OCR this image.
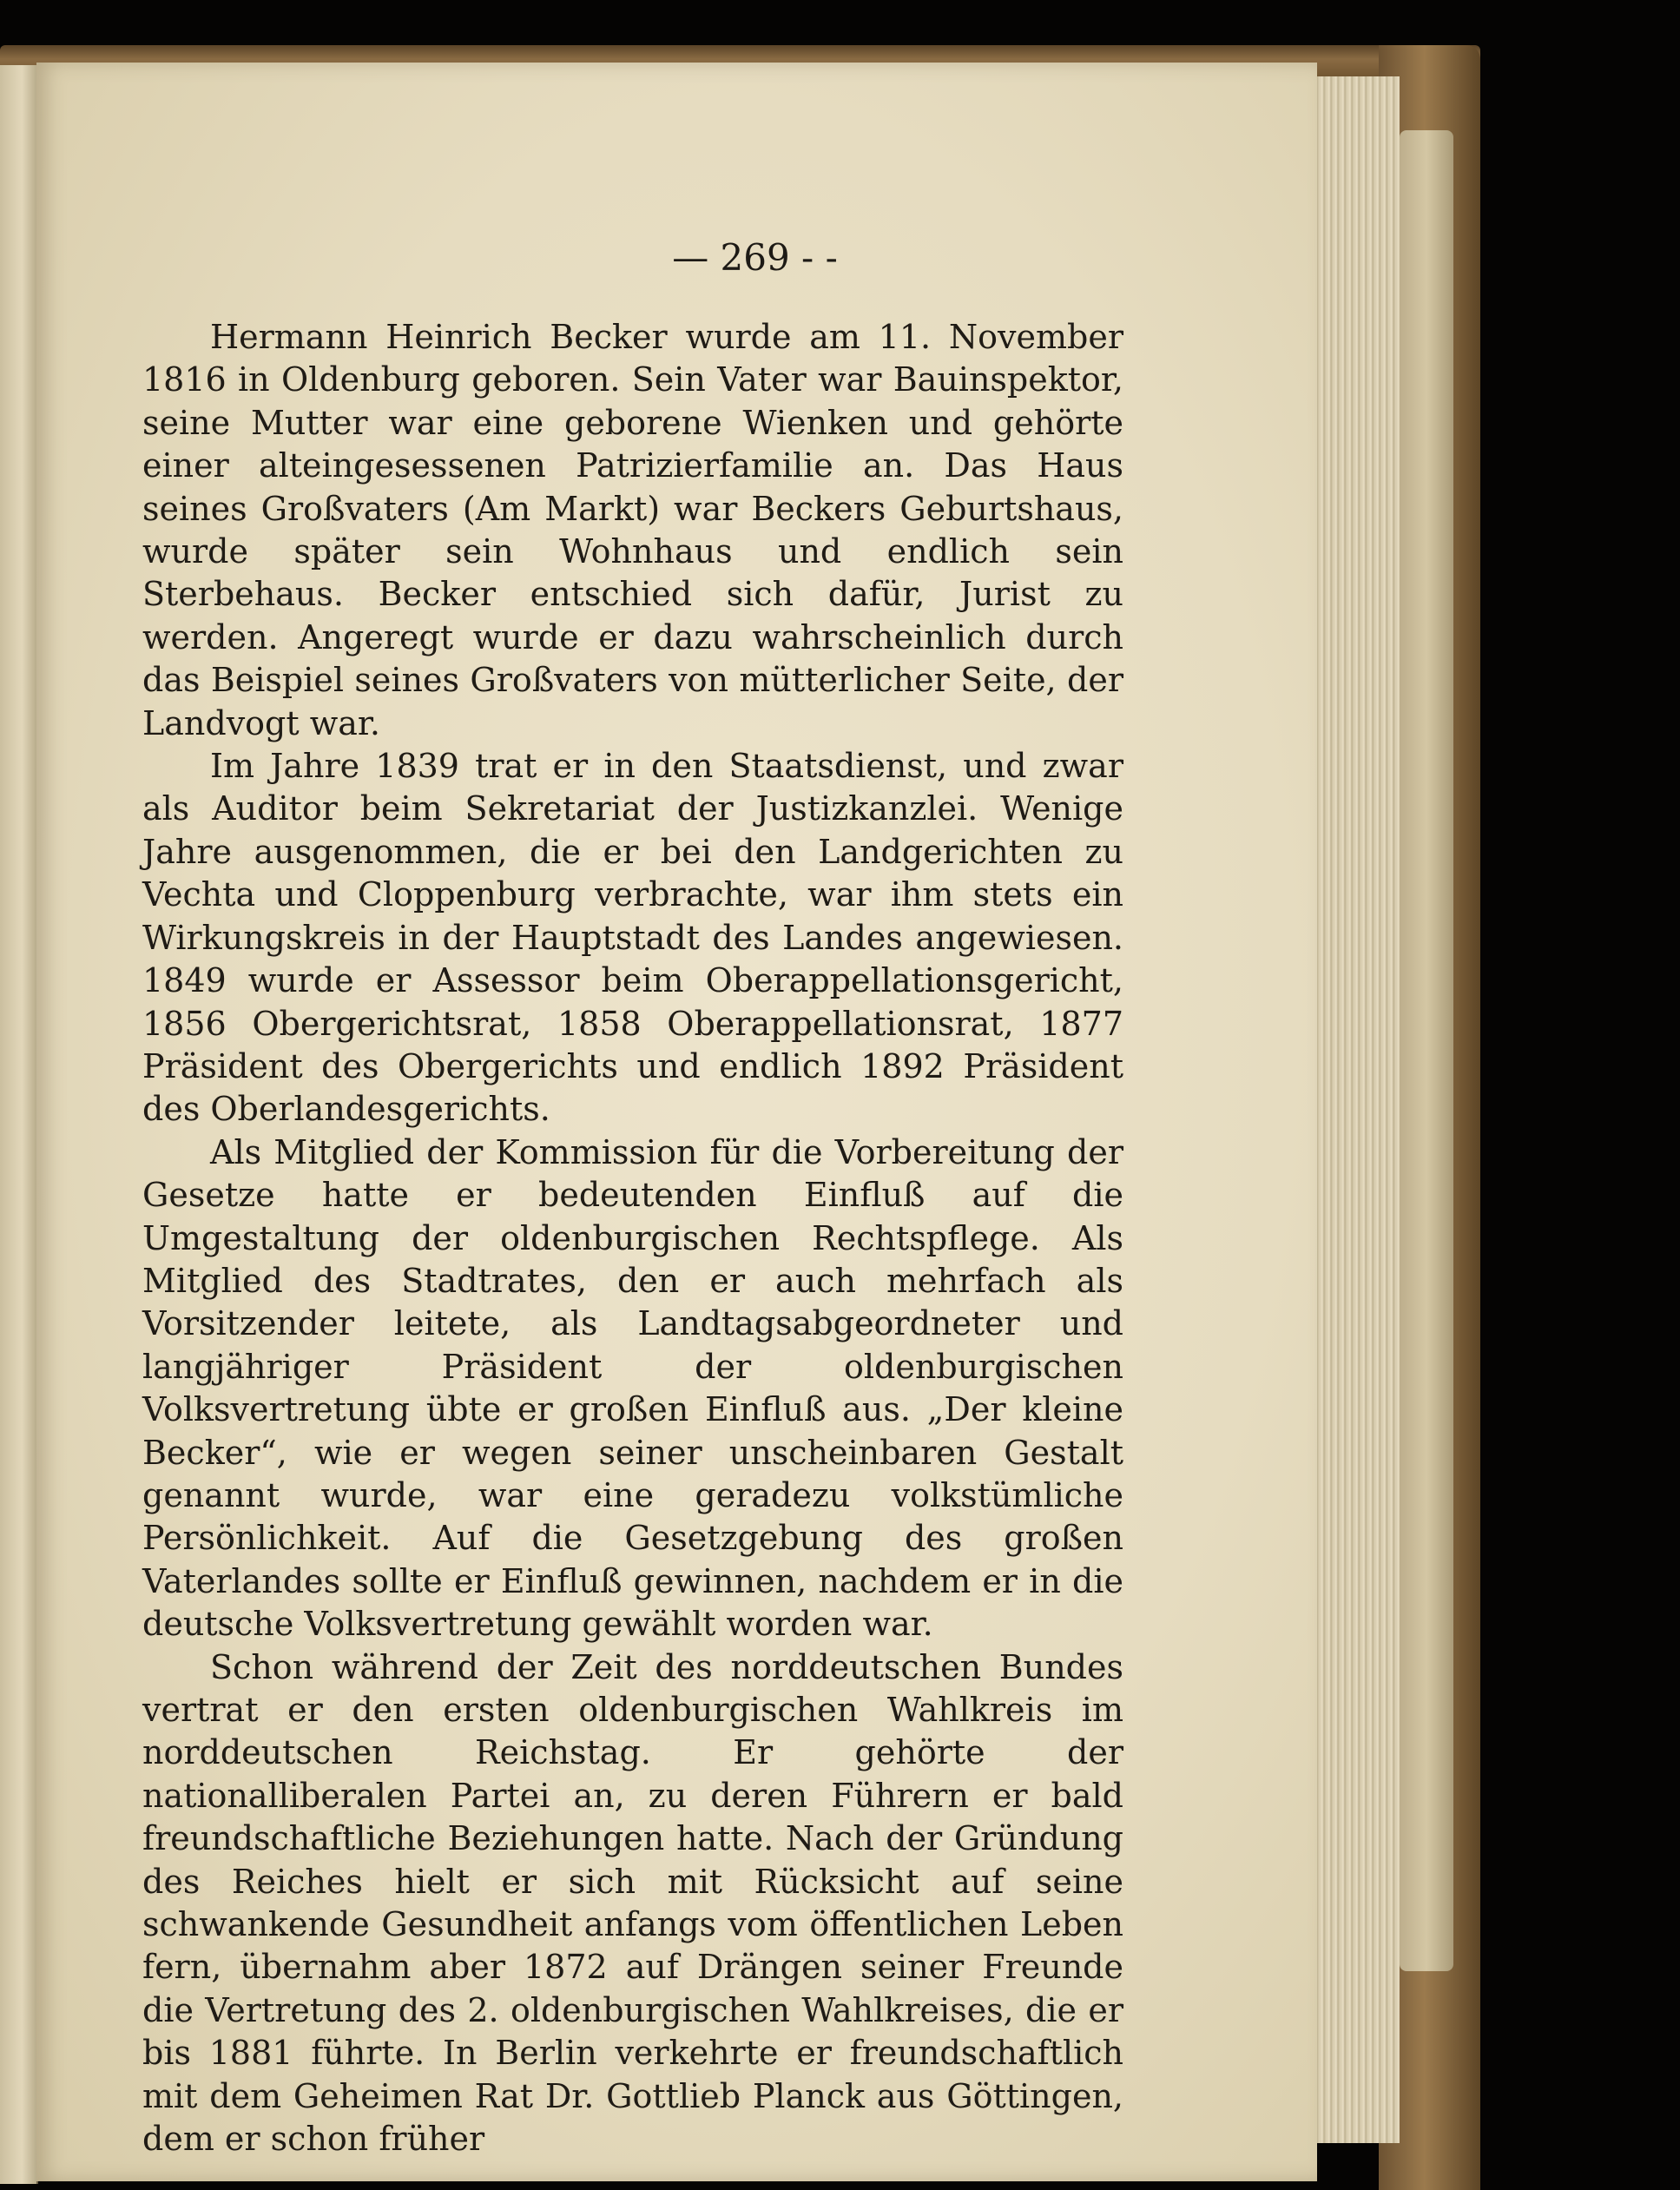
— 269 - -

Hermann Heinrich Becker wurde am 11. November 1816 in Oldenburg geboren. Sein Vater war Bauinspektor, seine Mutter war eine geborene Wienken und gehörte einer alteingesessenen Patrizierfamilie an. Das Haus seines Großvaters (Am Markt) war Beckers Geburtshaus, wurde später sein Wohnhaus und endlich sein Sterbehaus. Becker entschied sich dafür, Jurist zu werden. Angeregt wurde er dazu wahrscheinlich durch das Beispiel seines Großvaters von mütterlicher Seite, der Landvogt war.

Im Jahre 1839 trat er in den Staatsdienst, und zwar als Auditor beim Sekretariat der Justizkanzlei. Wenige Jahre ausgenommen, die er bei den Landgerichten zu Vechta und Cloppenburg verbrachte, war ihm stets ein Wirkungskreis in der Hauptstadt des Landes angewiesen. 1849 wurde er Assessor beim Oberappellationsgericht, 1856 Obergerichtsrat, 1858 Oberappellationsrat, 1877 Präsident des Obergerichts und endlich 1892 Präsident des Oberlandesgerichts.

Als Mitglied der Kommission für die Vorbereitung der Gesetze hatte er bedeutenden Einfluß auf die Umgestaltung der oldenburgischen Rechtspflege. Als Mitglied des Stadtrates, den er auch mehrfach als Vorsitzender leitete, als Landtagsabgeordneter und langjähriger Präsident der oldenburgischen Volksvertretung übte er großen Einfluß aus. „Der kleine Becker“, wie er wegen seiner unscheinbaren Gestalt genannt wurde, war eine geradezu volkstümliche Persönlichkeit. Auf die Gesetzgebung des großen Vaterlandes sollte er Einfluß gewinnen, nachdem er in die deutsche Volksvertretung gewählt worden war.

Schon während der Zeit des norddeutschen Bundes vertrat er den ersten oldenburgischen Wahlkreis im norddeutschen Reichstag. Er gehörte der nationalliberalen Partei an, zu deren Führern er bald freundschaftliche Beziehungen hatte. Nach der Gründung des Reiches hielt er sich mit Rücksicht auf seine schwankende Gesundheit anfangs vom öffentlichen Leben fern, übernahm aber 1872 auf Drängen seiner Freunde die Vertretung des 2. oldenburgischen Wahlkreises, die er bis 1881 führte. In Berlin verkehrte er freundschaftlich mit dem Geheimen Rat Dr. Gottlieb Planck aus Göttingen, dem er schon früher
